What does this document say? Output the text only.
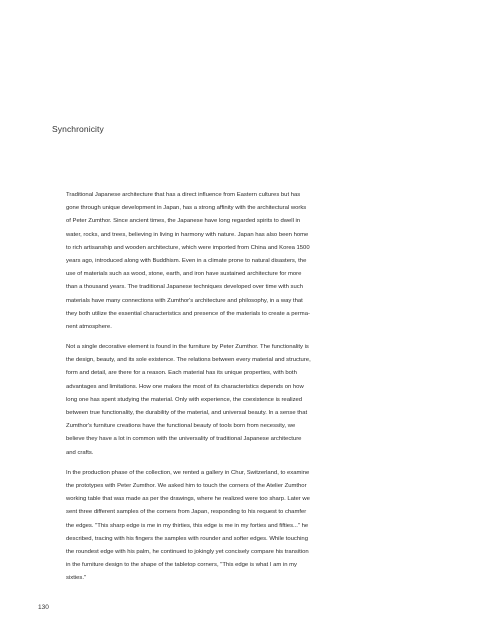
Synchronicity
Traditional Japanese architecture that has a direct influence from Eastern cultures but has
gone through unique development in Japan, has a strong affinity with the architectural works
of Peter Zumthor. Since ancient times, the Japanese have long regarded spirits to dwell in
water, rocks, and trees, believing in living in harmony with nature. Japan has also been home
to rich artisanship and wooden architecture, which were imported from China and Korea 1500
years ago, introduced along with Buddhism. Even in a climate prone to natural disasters, the
use of materials such as wood, stone, earth, and iron have sustained architecture for more
than a thousand years. The traditional Japanese techniques developed over time with such
materials have many connections with Zumthor's architecture and philosophy, in a way that
they both utilize the essential characteristics and presence of the materials to create a perma-
nent atmosphere.
Not a single decorative element is found in the furniture by Peter Zumthor. The functionality is
the design, beauty, and its sole existence. The relations between every material and structure,
form and detail, are there for a reason. Each material has its unique properties, with both
advantages and limitations. How one makes the most of its characteristics depends on how
long one has spent studying the material. Only with experience, the coexistence is realized
between true functionality, the durability of the material, and universal beauty. In a sense that
Zumthor's furniture creations have the functional beauty of tools born from necessity, we
believe they have a lot in common with the universality of traditional Japanese architecture
and crafts.
In the production phase of the collection, we rented a gallery in Chur, Switzerland, to examine
the prototypes with Peter Zumthor. We asked him to touch the corners of the Atelier Zumthor
working table that was made as per the drawings, where he realized were too sharp. Later we
sent three different samples of the corners from Japan, responding to his request to chamfer
the edges. "This sharp edge is me in my thirties, this edge is me in my forties and fifties..." he
described, tracing with his fingers the samples with rounder and softer edges. While touching
the roundest edge with his palm, he continued to jokingly yet concisely compare his transition
in the furniture design to the shape of the tabletop corners, "This edge is what I am in my
sixties."
130
